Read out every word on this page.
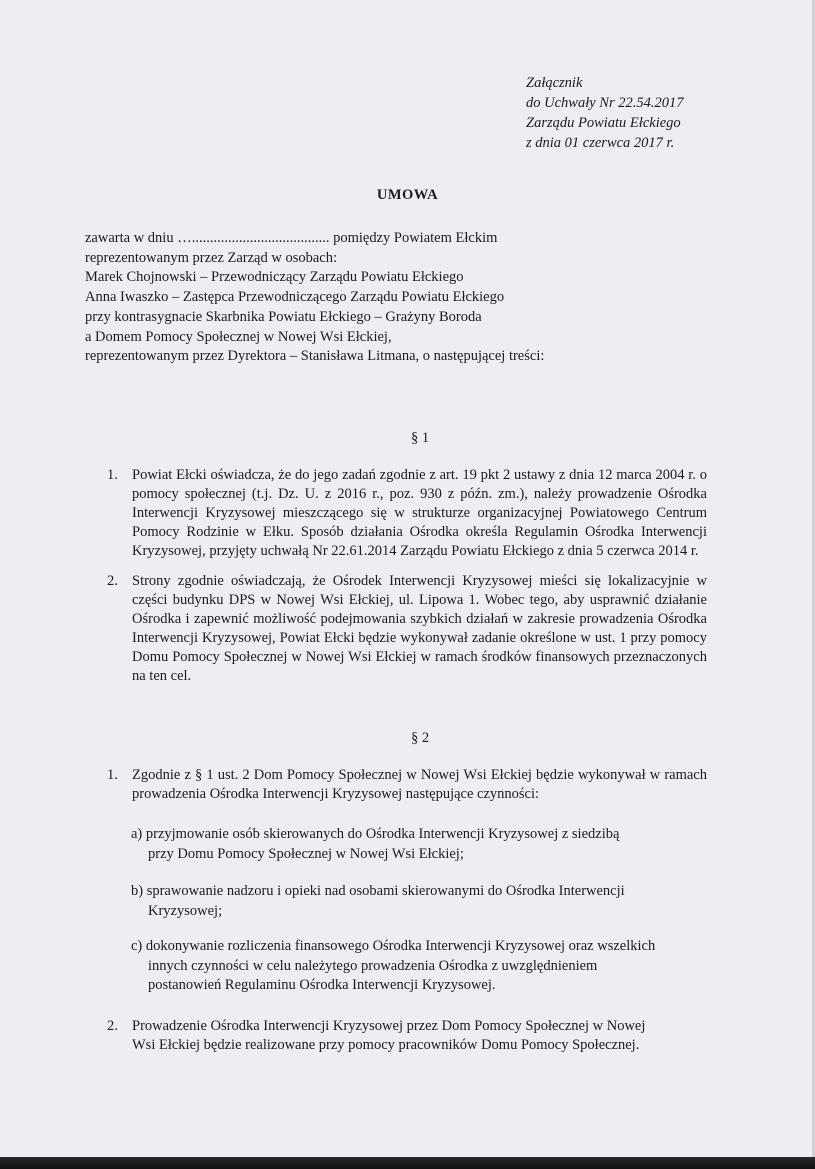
Załącznik
do Uchwały Nr 22.54.2017
Zarządu Powiatu Ełckiego
z dnia 01 czerwca 2017 r.
UMOWA
zawarta w dniu …...................................... pomiędzy Powiatem Ełckim
reprezentowanym przez Zarząd w osobach:
Marek Chojnowski – Przewodniczący Zarządu Powiatu Ełckiego
Anna Iwaszko – Zastępca Przewodniczącego Zarządu Powiatu Ełckiego
przy kontrasygnacie Skarbnika Powiatu Ełckiego – Grażyny Boroda
a Domem Pomocy Społecznej w Nowej Wsi Ełckiej,
reprezentowanym przez Dyrektora – Stanisława Litmana, o następującej treści:
§ 1
1. Powiat Ełcki oświadcza, że do jego zadań zgodnie z art. 19 pkt 2 ustawy z dnia 12 marca 2004 r. o pomocy społecznej (t.j. Dz. U. z 2016 r., poz. 930 z późn. zm.), należy prowadzenie Ośrodka Interwencji Kryzysowej mieszczącego się w strukturze organizacyjnej Powiatowego Centrum Pomocy Rodzinie w Ełku. Sposób działania Ośrodka określa Regulamin Ośrodka Interwencji Kryzysowej, przyjęty uchwałą Nr 22.61.2014 Zarządu Powiatu Ełckiego z dnia 5 czerwca 2014 r.
2. Strony zgodnie oświadczają, że Ośrodek Interwencji Kryzysowej mieści się lokalizacyjnie w części budynku DPS w Nowej Wsi Ełckiej, ul. Lipowa 1. Wobec tego, aby usprawnić działanie Ośrodka i zapewnić możliwość podejmowania szybkich działań w zakresie prowadzenia Ośrodka Interwencji Kryzysowej, Powiat Ełcki będzie wykonywał zadanie określone w ust. 1 przy pomocy Domu Pomocy Społecznej w Nowej Wsi Ełckiej w ramach środków finansowych przeznaczonych na ten cel.
§ 2
1. Zgodnie z § 1 ust. 2 Dom Pomocy Społecznej w Nowej Wsi Ełckiej będzie wykonywał w ramach prowadzenia Ośrodka Interwencji Kryzysowej następujące czynności:
a) przyjmowanie osób skierowanych do Ośrodka Interwencji Kryzysowej z siedzibą
przy Domu Pomocy Społecznej w Nowej Wsi Ełckiej;
b) sprawowanie nadzoru i opieki nad osobami skierowanymi do Ośrodka Interwencji
Kryzysowej;
c) dokonywanie rozliczenia finansowego Ośrodka Interwencji Kryzysowej oraz wszelkich
innych czynności w celu należytego prowadzenia Ośrodka z uwzględnieniem
postanowień Regulaminu Ośrodka Interwencji Kryzysowej.
2. Prowadzenie Ośrodka Interwencji Kryzysowej przez Dom Pomocy Społecznej w Nowej
Wsi Ełckiej będzie realizowane przy pomocy pracowników Domu Pomocy Społecznej.
